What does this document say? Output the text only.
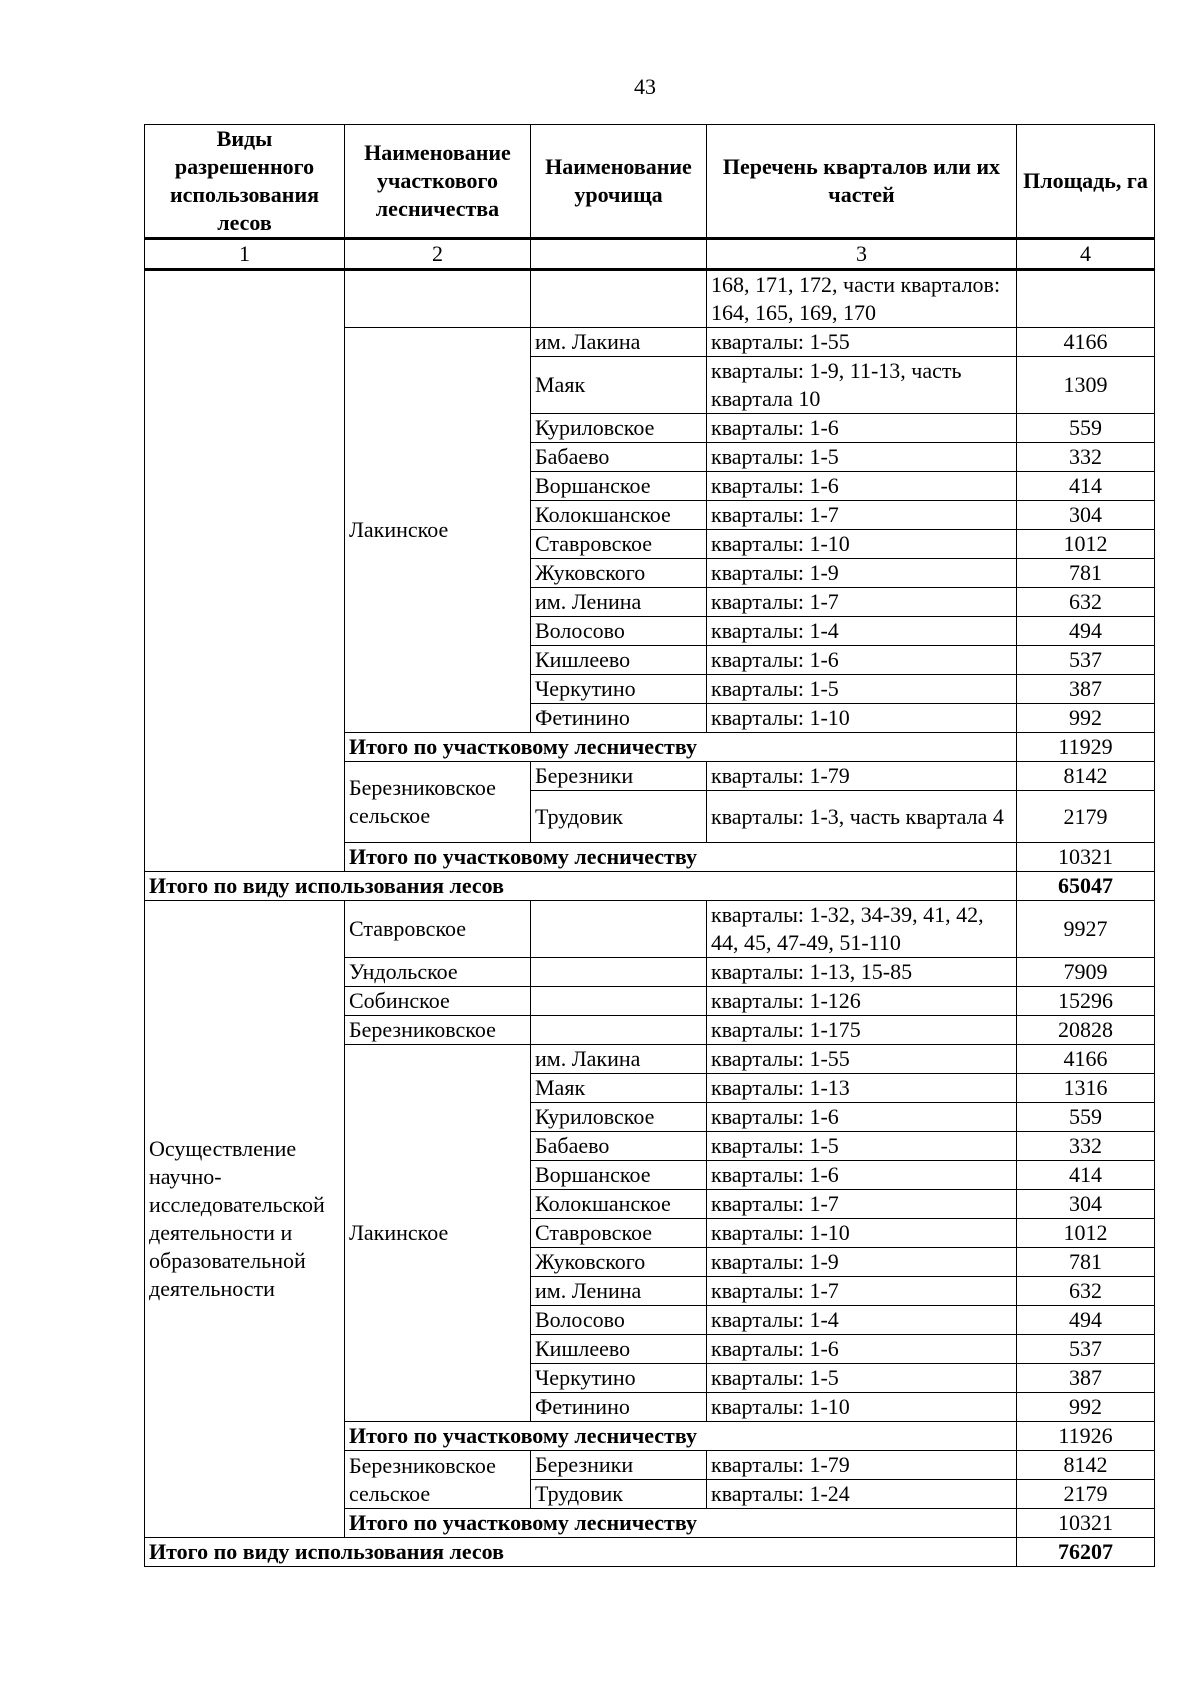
43
Виды разрешенного использования лесов	Наименование участкового лесничества	Наименование урочища	Перечень кварталов или их частей	Площадь, га
1	2		3	4
			168, 171, 172, части кварталов: 164, 165, 169, 170	
	Лакинское	им. Лакина	кварталы: 1-55	4166
		Маяк	кварталы: 1-9, 11-13, часть квартала 10	1309
		Куриловское	кварталы: 1-6	559
		Бабаево	кварталы: 1-5	332
		Воршанское	кварталы: 1-6	414
		Колокшанское	кварталы: 1-7	304
		Ставровское	кварталы: 1-10	1012
		Жуковского	кварталы: 1-9	781
		им. Ленина	кварталы: 1-7	632
		Волосово	кварталы: 1-4	494
		Кишлеево	кварталы: 1-6	537
		Черкутино	кварталы: 1-5	387
		Фетинино	кварталы: 1-10	992
	Итого по участковому лесничеству			11929
	Березниковское сельское	Березники	кварталы: 1-79	8142
		Трудовик	кварталы: 1-3, часть квартала 4	2179
	Итого по участковому лесничеству			10321
Итого по виду использования лесов				65047
Осуществление научно-исследовательской деятельности и образовательной деятельности	Ставровское		кварталы: 1-32, 34-39, 41, 42, 44, 45, 47-49, 51-110	9927
	Ундольское		кварталы: 1-13, 15-85	7909
	Собинское		кварталы: 1-126	15296
	Березниковское		кварталы: 1-175	20828
	Лакинское	им. Лакина	кварталы: 1-55	4166
		Маяк	кварталы: 1-13	1316
		Куриловское	кварталы: 1-6	559
		Бабаево	кварталы: 1-5	332
		Воршанское	кварталы: 1-6	414
		Колокшанское	кварталы: 1-7	304
		Ставровское	кварталы: 1-10	1012
		Жуковского	кварталы: 1-9	781
		им. Ленина	кварталы: 1-7	632
		Волосово	кварталы: 1-4	494
		Кишлеево	кварталы: 1-6	537
		Черкутино	кварталы: 1-5	387
		Фетинино	кварталы: 1-10	992
	Итого по участковому лесничеству			11926
	Березниковское сельское	Березники	кварталы: 1-79	8142
		Трудовик	кварталы: 1-24	2179
	Итого по участковому лесничеству			10321
Итого по виду использования лесов				76207
